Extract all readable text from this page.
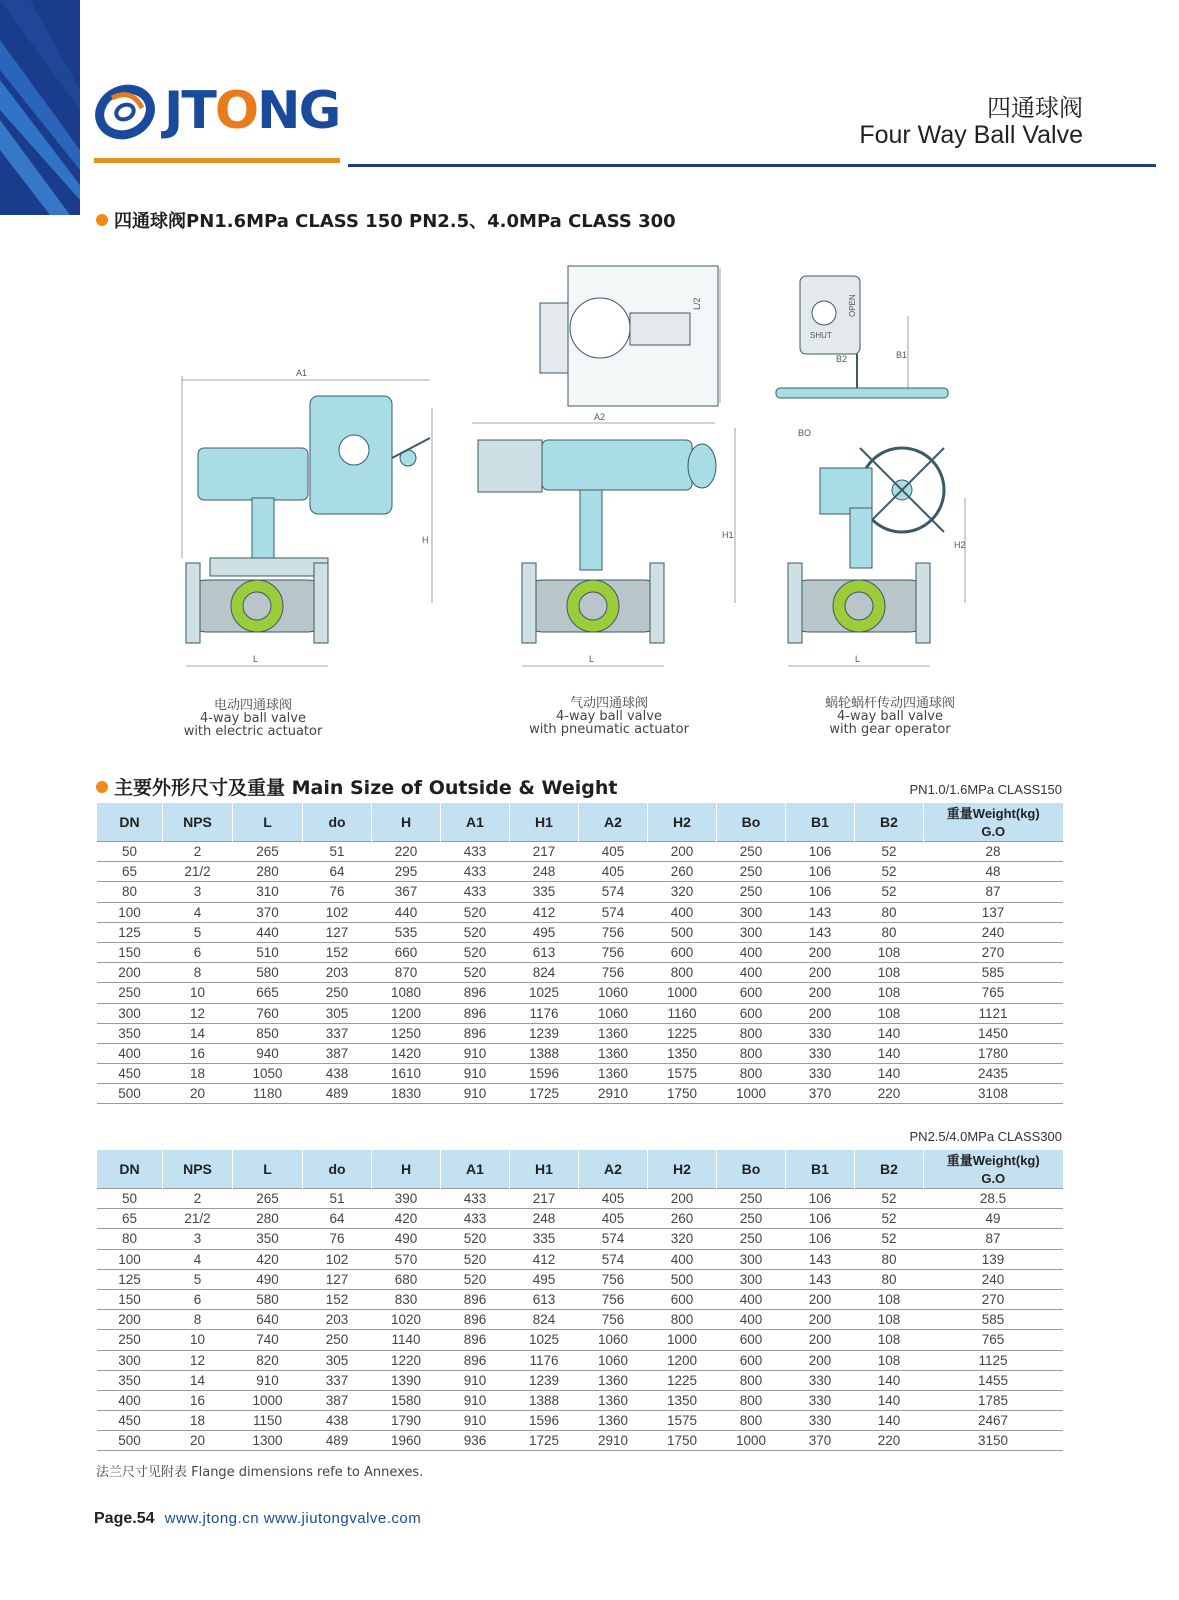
JTONG	四通球阀
Four Way Ball Valve
四通球阀PN1.6MPa CLASS 150 PN2.5、4.0MPa CLASS 300
A1
H
L
L/2
A2
H1
L
OPEN
SHUT
B2	B1
BO
H2
L
电动四通球阀
4-way ball valve
with electric actuator
气动四通球阀
4-way ball valve
with pneumatic actuator
蜗轮蜗杆传动四通球阀
4-way ball valve
with gear operator
主要外形尺寸及重量 Main Size of Outside & Weight	PN1.0/1.6MPa CLASS150
DN	NPS	L	do	H	A1	H1	A2	H2	Bo	B1	B2	重量Weight(kg)
												G.O
50	2	265	51	220	433	217	405	200	250	106	52	28
65	21/2	280	64	295	433	248	405	260	250	106	52	48
80	3	310	76	367	433	335	574	320	250	106	52	87
100	4	370	102	440	520	412	574	400	300	143	80	137
125	5	440	127	535	520	495	756	500	300	143	80	240
150	6	510	152	660	520	613	756	600	400	200	108	270
200	8	580	203	870	520	824	756	800	400	200	108	585
250	10	665	250	1080	896	1025	1060	1000	600	200	108	765
300	12	760	305	1200	896	1176	1060	1160	600	200	108	1121
350	14	850	337	1250	896	1239	1360	1225	800	330	140	1450
400	16	940	387	1420	910	1388	1360	1350	800	330	140	1780
450	18	1050	438	1610	910	1596	1360	1575	800	330	140	2435
500	20	1180	489	1830	910	1725	2910	1750	1000	370	220	3108
PN2.5/4.0MPa CLASS300
DN	NPS	L	do	H	A1	H1	A2	H2	Bo	B1	B2	重量Weight(kg)
												G.O
50	2	265	51	390	433	217	405	200	250	106	52	28.5
65	21/2	280	64	420	433	248	405	260	250	106	52	49
80	3	350	76	490	520	335	574	320	250	106	52	87
100	4	420	102	570	520	412	574	400	300	143	80	139
125	5	490	127	680	520	495	756	500	300	143	80	240
150	6	580	152	830	896	613	756	600	400	200	108	270
200	8	640	203	1020	896	824	756	800	400	200	108	585
250	10	740	250	1140	896	1025	1060	1000	600	200	108	765
300	12	820	305	1220	896	1176	1060	1200	600	200	108	1125
350	14	910	337	1390	910	1239	1360	1225	800	330	140	1455
400	16	1000	387	1580	910	1388	1360	1350	800	330	140	1785
450	18	1150	438	1790	910	1596	1360	1575	800	330	140	2467
500	20	1300	489	1960	936	1725	2910	1750	1000	370	220	3150
法兰尺寸见附表 Flange dimensions refe to Annexes.
Page.54 www.jtong.cn www.jiutongvalve.com
